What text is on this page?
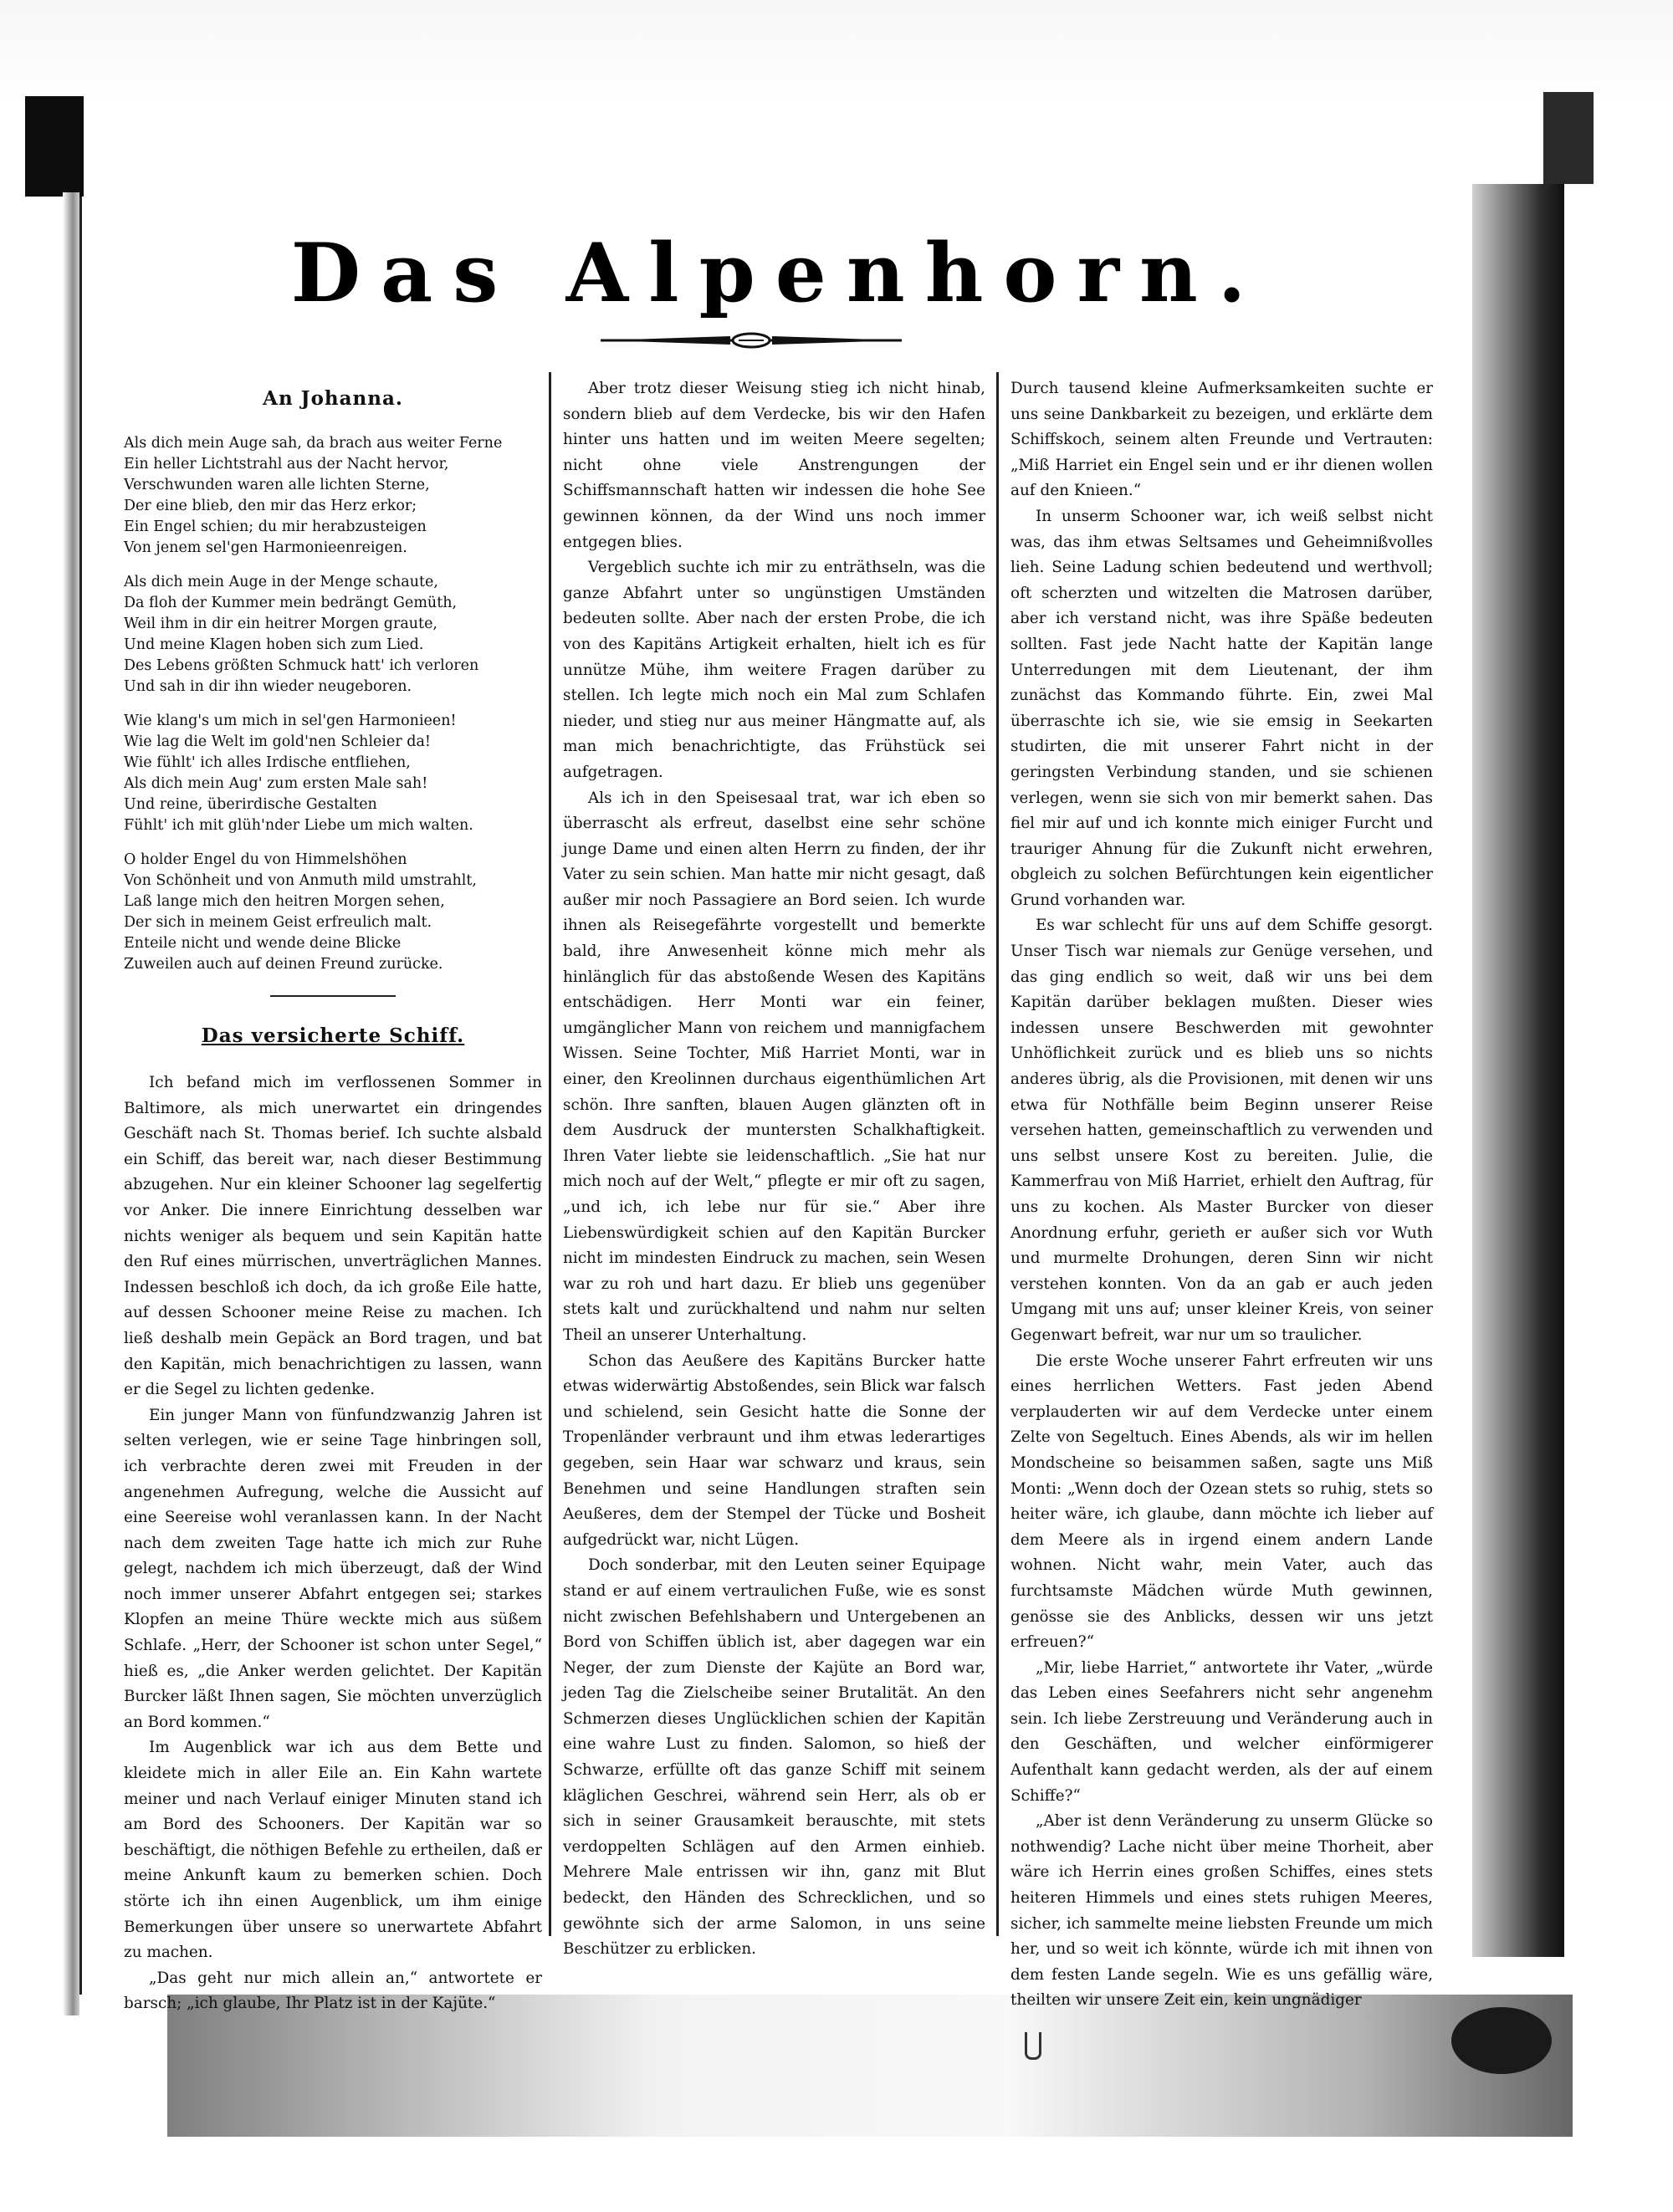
Das Alpenhorn.
An Johanna.
Als dich mein Auge sah, da brach aus weiter Ferne
Ein heller Lichtstrahl aus der Nacht hervor,
Verschwunden waren alle lichten Sterne,
Der eine blieb, den mir das Herz erkor;
Ein Engel schien; du mir herabzusteigen
Von jenem sel'gen Harmonieenreigen.
Als dich mein Auge in der Menge schaute,
Da floh der Kummer mein bedrängt Gemüth,
Weil ihm in dir ein heitrer Morgen graute,
Und meine Klagen hoben sich zum Lied.
Des Lebens größten Schmuck hatt' ich verloren
Und sah in dir ihn wieder neugeboren.
Wie klang's um mich in sel'gen Harmonieen!
Wie lag die Welt im gold'nen Schleier da!
Wie fühlt' ich alles Irdische entfliehen,
Als dich mein Aug' zum ersten Male sah!
Und reine, überirdische Gestalten
Fühlt' ich mit glüh'nder Liebe um mich walten.
O holder Engel du von Himmelshöhen
Von Schönheit und von Anmuth mild umstrahlt,
Laß lange mich den heitren Morgen sehen,
Der sich in meinem Geist erfreulich malt.
Enteile nicht und wende deine Blicke
Zuweilen auch auf deinen Freund zurücke.
Das versicherte Schiff.

Ich befand mich im verflossenen Sommer in Baltimore, als mich unerwartet ein dringendes Geschäft nach St. Thomas berief. Ich suchte alsbald ein Schiff, das bereit war, nach dieser Bestimmung abzugehen. Nur ein kleiner Schooner lag segelfertig vor Anker. Die innere Einrichtung desselben war nichts weniger als bequem und sein Kapitän hatte den Ruf eines mürrischen, unverträglichen Mannes. Indessen beschloß ich doch, da ich große Eile hatte, auf dessen Schooner meine Reise zu machen. Ich ließ deshalb mein Gepäck an Bord tragen, und bat den Kapitän, mich benachrichtigen zu lassen, wann er die Segel zu lichten gedenke.

Ein junger Mann von fünfundzwanzig Jahren ist selten verlegen, wie er seine Tage hinbringen soll, ich verbrachte deren zwei mit Freuden in der angenehmen Aufregung, welche die Aussicht auf eine Seereise wohl veranlassen kann. In der Nacht nach dem zweiten Tage hatte ich mich zur Ruhe gelegt, nachdem ich mich überzeugt, daß der Wind noch immer unserer Abfahrt entgegen sei; starkes Klopfen an meine Thüre weckte mich aus süßem Schlafe. „Herr, der Schooner ist schon unter Segel,“ hieß es, „die Anker werden gelichtet. Der Kapitän Burcker läßt Ihnen sagen, Sie möchten unverzüglich an Bord kommen.“

Im Augenblick war ich aus dem Bette und kleidete mich in aller Eile an. Ein Kahn wartete meiner und nach Verlauf einiger Minuten stand ich am Bord des Schooners. Der Kapitän war so beschäftigt, die nöthigen Befehle zu ertheilen, daß er meine Ankunft kaum zu bemerken schien. Doch störte ich ihn einen Augenblick, um ihm einige Bemerkungen über unsere so unerwartete Abfahrt zu machen.

„Das geht nur mich allein an,“ antwortete er barsch; „ich glaube, Ihr Platz ist in der Kajüte.“

Aber trotz dieser Weisung stieg ich nicht hinab, sondern blieb auf dem Verdecke, bis wir den Hafen hinter uns hatten und im weiten Meere segelten; nicht ohne viele Anstrengungen der Schiffsmannschaft hatten wir indessen die hohe See gewinnen können, da der Wind uns noch immer entgegen blies.

Vergeblich suchte ich mir zu enträthseln, was die ganze Abfahrt unter so ungünstigen Umständen bedeuten sollte. Aber nach der ersten Probe, die ich von des Kapitäns Artigkeit erhalten, hielt ich es für unnütze Mühe, ihm weitere Fragen darüber zu stellen. Ich legte mich noch ein Mal zum Schlafen nieder, und stieg nur aus meiner Hängmatte auf, als man mich benachrichtigte, das Frühstück sei aufgetragen.

Als ich in den Speisesaal trat, war ich eben so überrascht als erfreut, daselbst eine sehr schöne junge Dame und einen alten Herrn zu finden, der ihr Vater zu sein schien. Man hatte mir nicht gesagt, daß außer mir noch Passagiere an Bord seien. Ich wurde ihnen als Reisegefährte vorgestellt und bemerkte bald, ihre Anwesenheit könne mich mehr als hinlänglich für das abstoßende Wesen des Kapitäns entschädigen. Herr Monti war ein feiner, umgänglicher Mann von reichem und mannigfachem Wissen. Seine Tochter, Miß Harriet Monti, war in einer, den Kreolinnen durchaus eigenthümlichen Art schön. Ihre sanften, blauen Augen glänzten oft in dem Ausdruck der muntersten Schalkhaftigkeit. Ihren Vater liebte sie leidenschaftlich. „Sie hat nur mich noch auf der Welt,“ pflegte er mir oft zu sagen, „und ich, ich lebe nur für sie.“ Aber ihre Liebenswürdigkeit schien auf den Kapitän Burcker nicht im mindesten Eindruck zu machen, sein Wesen war zu roh und hart dazu. Er blieb uns gegenüber stets kalt und zurückhaltend und nahm nur selten Theil an unserer Unterhaltung.

Schon das Aeußere des Kapitäns Burcker hatte etwas widerwärtig Abstoßendes, sein Blick war falsch und schielend, sein Gesicht hatte die Sonne der Tropenländer verbraunt und ihm etwas lederartiges gegeben, sein Haar war schwarz und kraus, sein Benehmen und seine Handlungen straften sein Aeußeres, dem der Stempel der Tücke und Bosheit aufgedrückt war, nicht Lügen.

Doch sonderbar, mit den Leuten seiner Equipage stand er auf einem vertraulichen Fuße, wie es sonst nicht zwischen Befehlshabern und Untergebenen an Bord von Schiffen üblich ist, aber dagegen war ein Neger, der zum Dienste der Kajüte an Bord war, jeden Tag die Zielscheibe seiner Brutalität. An den Schmerzen dieses Unglücklichen schien der Kapitän eine wahre Lust zu finden. Salomon, so hieß der Schwarze, erfüllte oft das ganze Schiff mit seinem kläglichen Geschrei, während sein Herr, als ob er sich in seiner Grausamkeit berauschte, mit stets verdoppelten Schlägen auf den Armen einhieb. Mehrere Male entrissen wir ihn, ganz mit Blut bedeckt, den Händen des Schrecklichen, und so gewöhnte sich der arme Salomon, in uns seine Beschützer zu erblicken.

Durch tausend kleine Aufmerksamkeiten suchte er uns seine Dankbarkeit zu bezeigen, und erklärte dem Schiffskoch, seinem alten Freunde und Vertrauten: „Miß Harriet ein Engel sein und er ihr dienen wollen auf den Knieen.“

In unserm Schooner war, ich weiß selbst nicht was, das ihm etwas Seltsames und Geheimnißvolles lieh. Seine Ladung schien bedeutend und werthvoll; oft scherzten und witzelten die Matrosen darüber, aber ich verstand nicht, was ihre Späße bedeuten sollten. Fast jede Nacht hatte der Kapitän lange Unterredungen mit dem Lieutenant, der ihm zunächst das Kommando führte. Ein, zwei Mal überraschte ich sie, wie sie emsig in Seekarten studirten, die mit unserer Fahrt nicht in der geringsten Verbindung standen, und sie schienen verlegen, wenn sie sich von mir bemerkt sahen. Das fiel mir auf und ich konnte mich einiger Furcht und trauriger Ahnung für die Zukunft nicht erwehren, obgleich zu solchen Befürchtungen kein eigentlicher Grund vorhanden war.

Es war schlecht für uns auf dem Schiffe gesorgt. Unser Tisch war niemals zur Genüge versehen, und das ging endlich so weit, daß wir uns bei dem Kapitän darüber beklagen mußten. Dieser wies indessen unsere Beschwerden mit gewohnter Unhöflichkeit zurück und es blieb uns so nichts anderes übrig, als die Provisionen, mit denen wir uns etwa für Nothfälle beim Beginn unserer Reise versehen hatten, gemeinschaftlich zu verwenden und uns selbst unsere Kost zu bereiten. Julie, die Kammerfrau von Miß Harriet, erhielt den Auftrag, für uns zu kochen. Als Master Burcker von dieser Anordnung erfuhr, gerieth er außer sich vor Wuth und murmelte Drohungen, deren Sinn wir nicht verstehen konnten. Von da an gab er auch jeden Umgang mit uns auf; unser kleiner Kreis, von seiner Gegenwart befreit, war nur um so traulicher.

Die erste Woche unserer Fahrt erfreuten wir uns eines herrlichen Wetters. Fast jeden Abend verplauderten wir auf dem Verdecke unter einem Zelte von Segeltuch. Eines Abends, als wir im hellen Mondscheine so beisammen saßen, sagte uns Miß Monti: „Wenn doch der Ozean stets so ruhig, stets so heiter wäre, ich glaube, dann möchte ich lieber auf dem Meere als in irgend einem andern Lande wohnen. Nicht wahr, mein Vater, auch das furchtsamste Mädchen würde Muth gewinnen, genösse sie des Anblicks, dessen wir uns jetzt erfreuen?“

„Mir, liebe Harriet,“ antwortete ihr Vater, „würde das Leben eines Seefahrers nicht sehr angenehm sein. Ich liebe Zerstreuung und Veränderung auch in den Geschäften, und welcher einförmigerer Aufenthalt kann gedacht werden, als der auf einem Schiffe?“

„Aber ist denn Veränderung zu unserm Glücke so nothwendig? Lache nicht über meine Thorheit, aber wäre ich Herrin eines großen Schiffes, eines stets heiteren Himmels und eines stets ruhigen Meeres, sicher, ich sammelte meine liebsten Freunde um mich her, und so weit ich könnte, würde ich mit ihnen von dem festen Lande segeln. Wie es uns gefällig wäre, theilten wir unsere Zeit ein, kein ungnädiger
